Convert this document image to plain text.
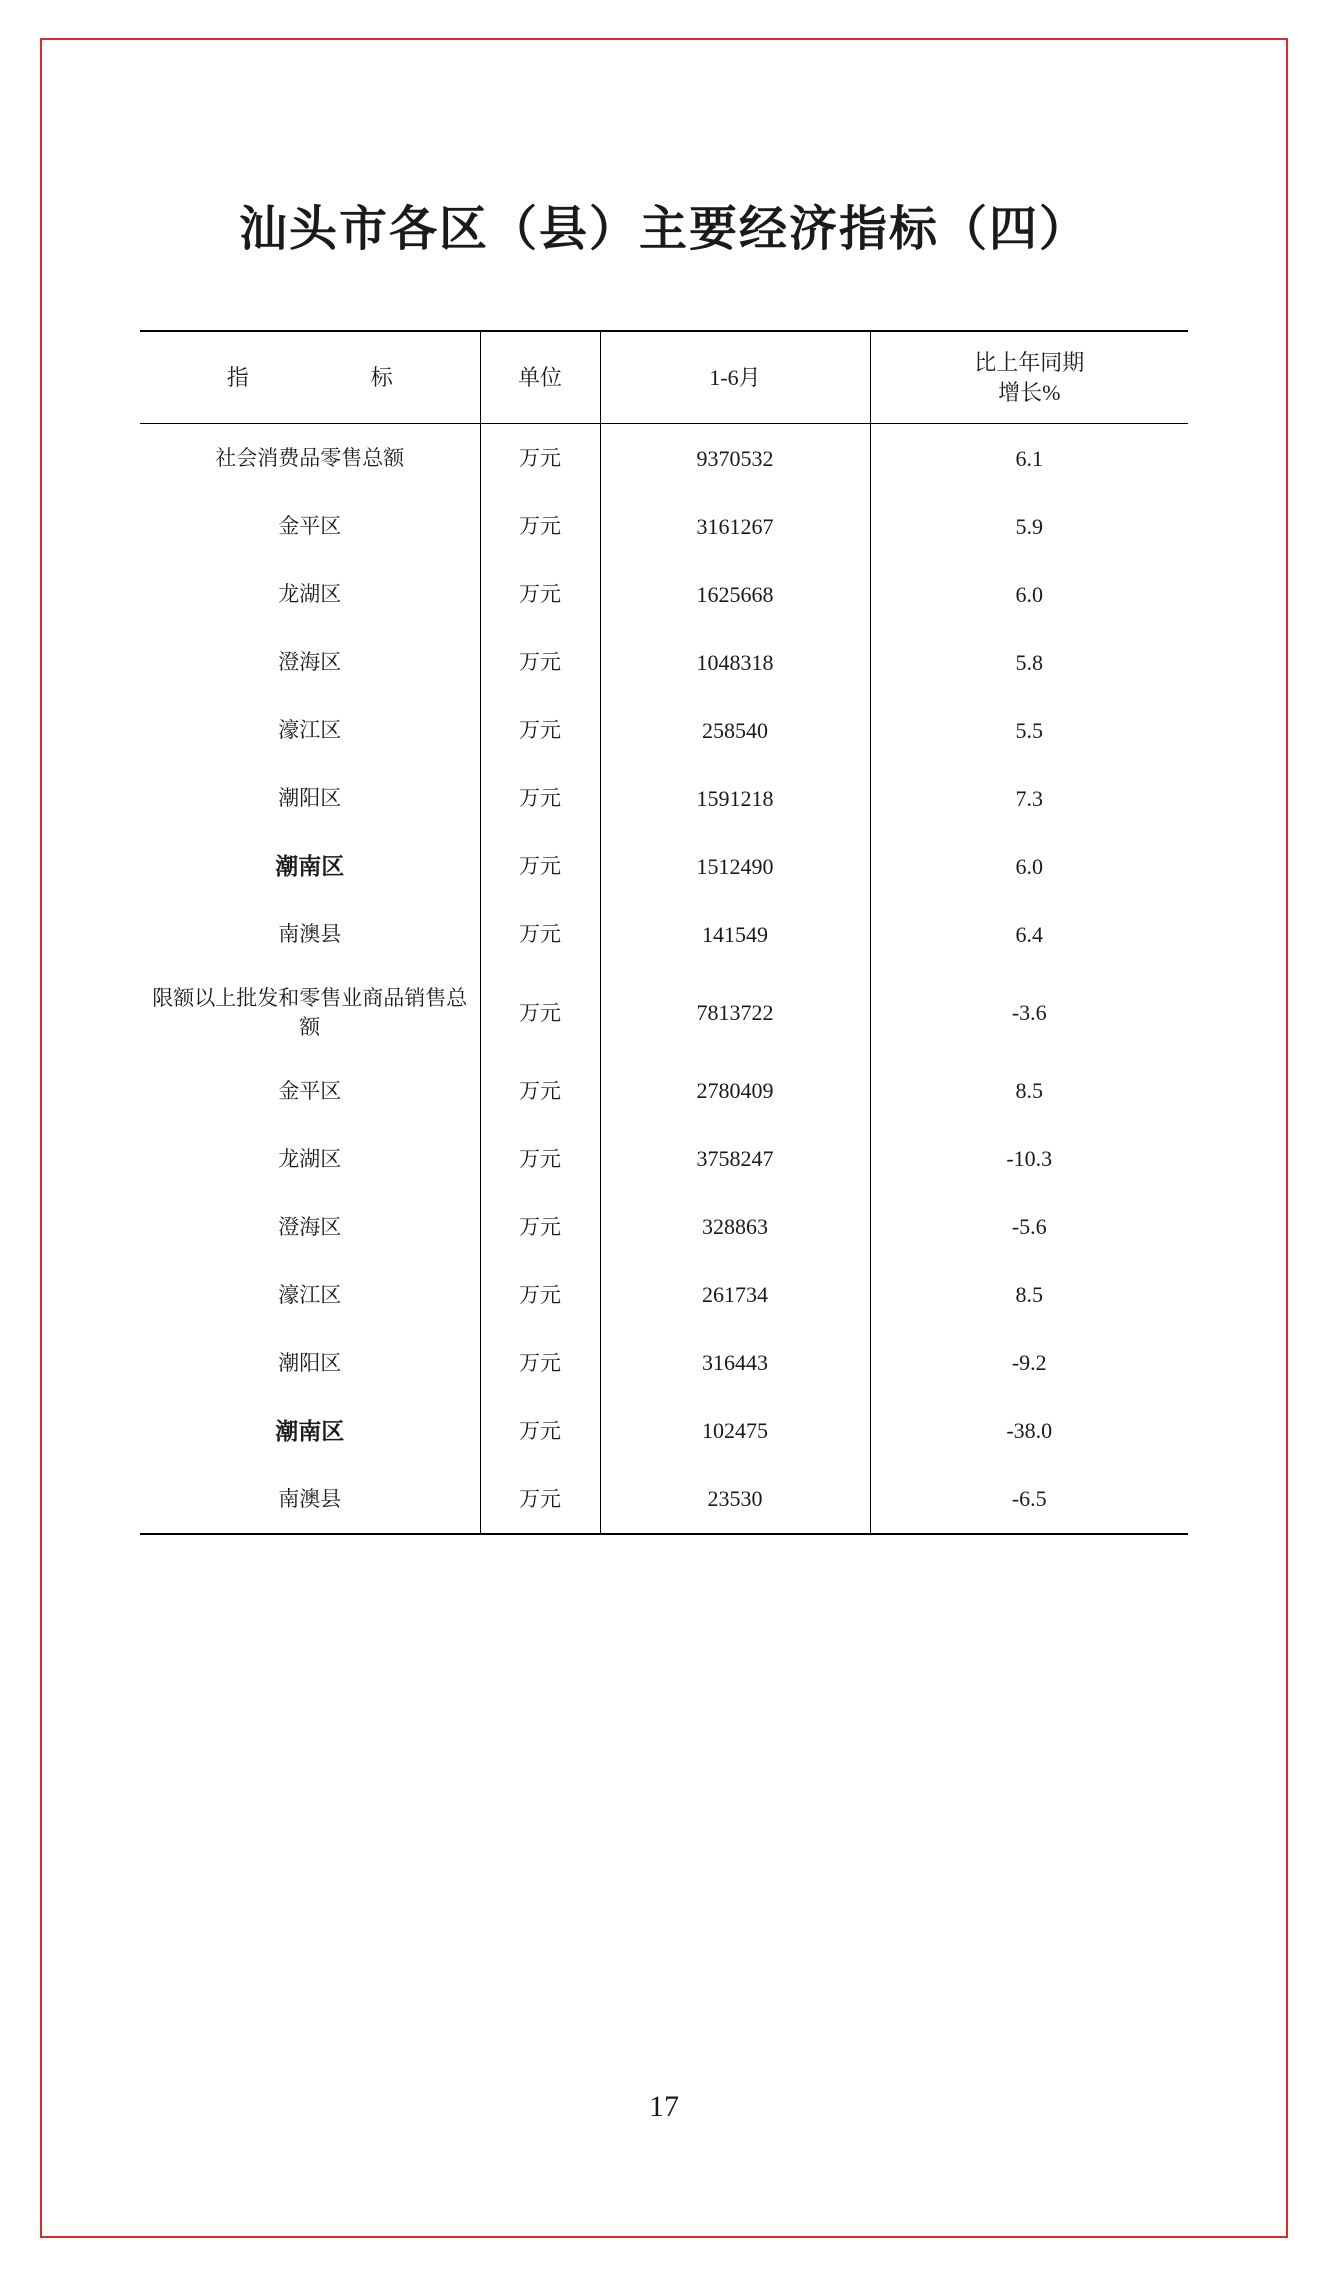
汕头市各区（县）主要经济指标（四）
指　　　标	单位	1-6月	比上年同期
增长%

社会消费品零售总额	万元	9370532	6.1
金平区	万元	3161267	5.9
龙湖区	万元	1625668	6.0
澄海区	万元	1048318	5.8
濠江区	万元	258540	5.5
潮阳区	万元	1591218	7.3
潮南区	万元	1512490	6.0
南澳县	万元	141549	6.4
限额以上批发和零售业商品销售总额	万元	7813722	-3.6
金平区	万元	2780409	8.5
龙湖区	万元	3758247	-10.3
澄海区	万元	328863	-5.6
濠江区	万元	261734	8.5
潮阳区	万元	316443	-9.2
潮南区	万元	102475	-38.0
南澳县	万元	23530	-6.5
17
